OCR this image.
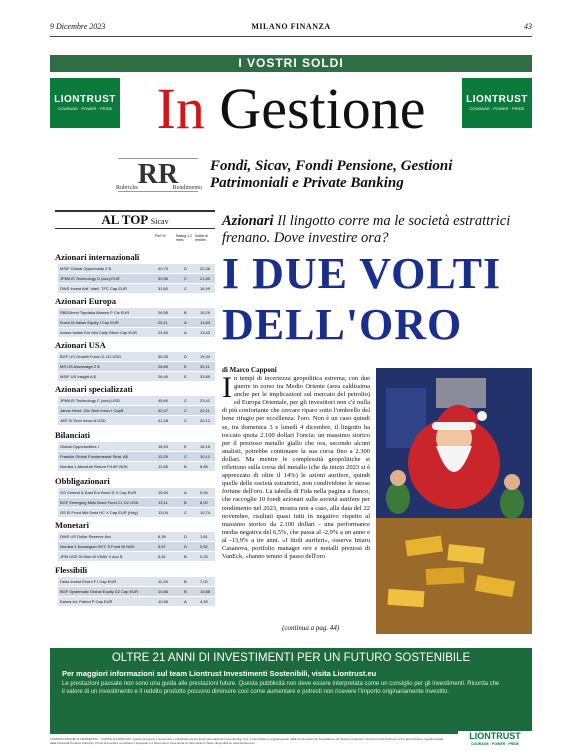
9 Dicembre 2023	MILANO FINANZA	43
I VOSTRI SOLDI
LIONTRUST
COURAGE · POWER · PRIDE
LIONTRUST
COURAGE · POWER · PRIDE
In Gestione
Rubriche RR
Rendimento
Fondi, Sicav, Fondi Pensione, Gestioni Patrimoniali e Private Banking
AL TOP Sicav
Perf.%	Rating 1,2 mesi
Indice di rendim.
Azionari internazionali
MSIF Global Opportunity Z $	40,70	D	22,38
JPMIUS Technology D (acc)-EUR	39,56	C	21,80
DWS Invest Artf. Intell. TFC Cap EUR	31,60	C	16,99
Azionari Europa
RBDDirect Topdaka Akancs P Cls EUR	26,55	B	15,29
Eurizl.M Italian Equity I Cap EUR	25,11	A	13,83
Anima Italian Em Mid Cally Silver Cap EUR	24,50	A	13,43
Azionari USA
BGF US Growth Fund CL D2 USD	36,35	D	19,34
MS US Advantage Z $	28,69	E	30,11
MSIF US Insight A $	26,40	E	33,89
Azionari specializzati
JPMIUS Technology C (acc)-USD	45,60	C	23,41
Janus Hend. Glo Tech Innov I Cap$	42,47	C	20,11
JAP Gl Tech Innov A USD	41,28	C	20,12
Bilanciati
Global Opportunities I	16,53	E	16,15
Franklin Global Fundamental Strat. A$	13,29	C	10,12
Nordea 1 Absolute Return Fd AP-NOK	12,65	B	8,85
Obbligazionari
GS Central & East Eur Bond D X Cap EUR	15,94	A	5,94
BGF Emerging Mkts Bond Fund CL D2 USD	13,11	B	8,00
GS El Front Mkt Debt HC X Cap EUR (Hdg)	13,04	C	10,74
Monetari
DWS US Dollar Reserve Acc	6,39	D	1,61
Nordea 1 Norwegian SKT. S Fund BI NOK	5,67	D	0,52
JPM USD St Mon M VNAV X Acc $	5,51	B	0,25
Flessibili
Deka Invest Enohl F I Cap EUR	11,28	B	7,02
BGF Systematic Global Equity D2 Cap EUR	10,86	B	10,88
Kairos Int. Patriot P Cap EUR	10,58	A	4,59
Azionari Il lingotto corre ma le società estrattrici frenano. Dove investire ora?
I DUE VOLTI DELL'ORO
di Marco Capponi
In tempi di incertezza geopolitica estrema, con due guerre in corso tra Medio Oriente (area caldissima anche per le implicazioni sul mercato del petrolio) ed Europa Orientale, per gli investitori non c'è nulla di più confortante che cercare riparo sotto l'ombrello del bene rifugio per eccellenza: l'oro. Non è un caso quindi se, tra domenica 3 e lunedì 4 dicembre, il lingotto ha toccato quota 2.100 dollari l'oncia: un massimo storico per il prezioso metallo giallo che ora, secondo alcuni analisti, potrebbe continuare la sua corsa fino a 2.300 dollari. Ma mentre le complessità geopolitiche si riflettono sulla corsa del metallo (che da inizio 2023 si è apprezzato di oltre il 14%) le azioni aurifere, quindi quelle delle società estrattrici, non condividono le stesse fortune dell'oro. La tabella di Fida nella pagina a fianco, che raccoglie 10 fondi azionari sulle società aurifere per rendimento nel 2023, mostra non a caso, alla data del 22 novembre, risultati quasi tutti in negativo rispetto al massimo storico da 2.100 dollari - una performance media negativa del 6,5%, che passa al -2,9% a un anno e al -13,9% a tre anni. «I titoli auriferi», osserva Imaru Casanova, portfolio manager oro e metalli preziosi di VanEck, «hanno tenuto il passo dell'oro
(continua a pag. 44)
OLTRE 21 ANNI DI INVESTIMENTI PER UN FUTURO SOSTENIBILE
Per maggiori informazioni sul team Liontrust Investimenti Sostenibili, visita Liontrust.eu
Le prestazioni passate non sono una guida alle prestazioni future. Questa pubblicità non deve essere interpretata come un consiglio per gli investimenti. Ricorda che il valore di un investimento e il reddito prodotto possono diminuire così come aumentare e potresti non ricevere l'importo originariamente investito.
COMUNICAZIONE DI MARKETING - CAPITALE A RISCHIO. Questo annuncio è approvato e pubblicato da Liontrust International (Luxembourg) S.A. e autorizzato e regolamentato dalla Commission de Surveillance du Secteur Financier. Liontrust Fund Partners LLP è autorizzata e regolamentata dalla Financial Conduct Authority. Prima di investire consultare il prospetto e il documento contenente le informazioni chiave disponibili su www.liontrust.eu
LIONTRUST
COURAGE · POWER · PRIDE
